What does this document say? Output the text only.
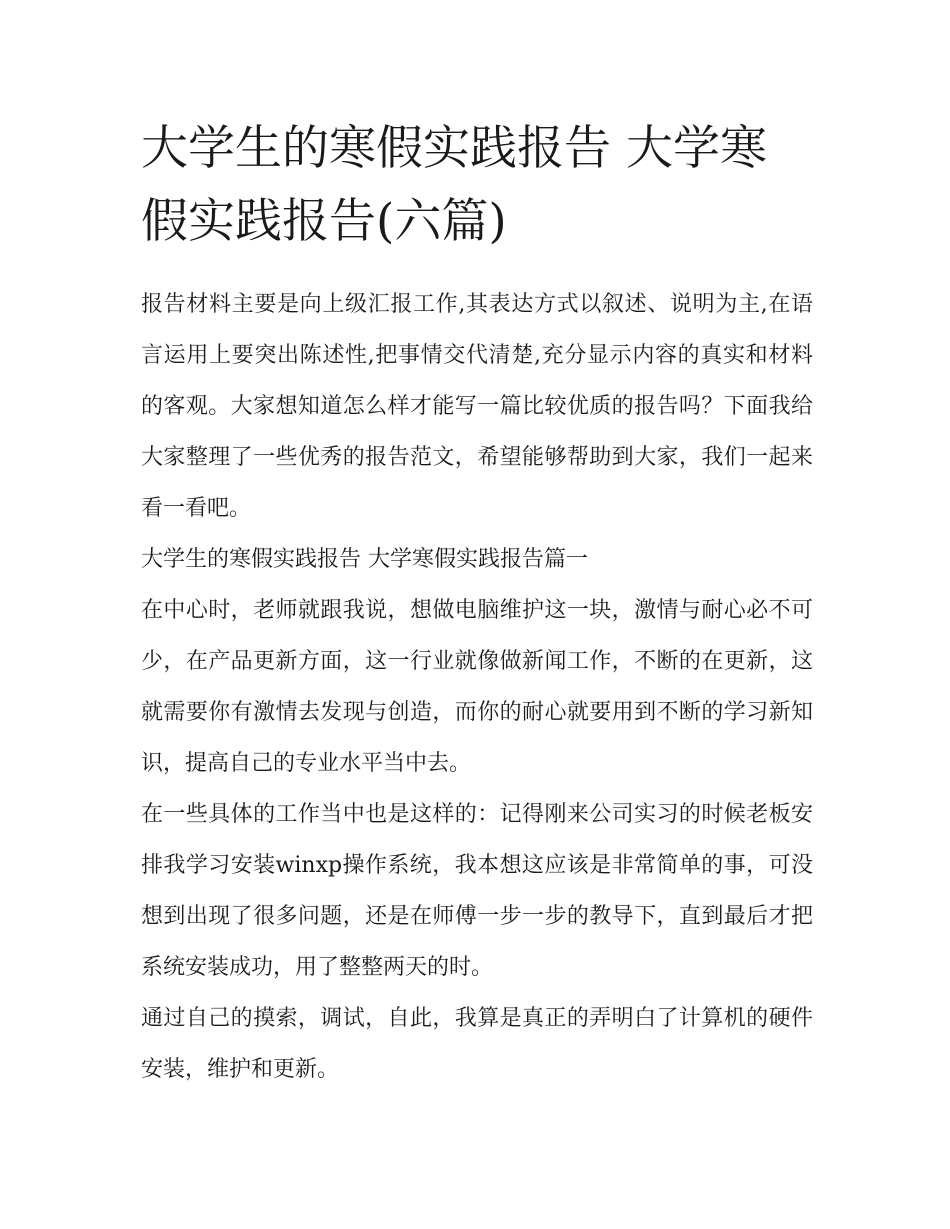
大学生的寒假实践报告 大学寒假实践报告(六篇)

报告材料主要是向上级汇报工作,其表达方式以叙述、说明为主,在语言运用上要突出陈述性,把事情交代清楚,充分显示内容的真实和材料的客观。大家想知道怎么样才能写一篇比较优质的报告吗？下面我给大家整理了一些优秀的报告范文，希望能够帮助到大家，我们一起来看一看吧。

大学生的寒假实践报告 大学寒假实践报告篇一

在中心时，老师就跟我说，想做电脑维护这一块，激情与耐心必不可少，在产品更新方面，这一行业就像做新闻工作，不断的在更新，这就需要你有激情去发现与创造，而你的耐心就要用到不断的学习新知识，提高自己的专业水平当中去。

在一些具体的工作当中也是这样的：记得刚来公司实习的时候老板安排我学习安装winxp操作系统，我本想这应该是非常简单的事，可没想到出现了很多问题，还是在师傅一步一步的教导下，直到最后才把系统安装成功，用了整整两天的时。

通过自己的摸索，调试，自此，我算是真正的弄明白了计算机的硬件安装，维护和更新。
